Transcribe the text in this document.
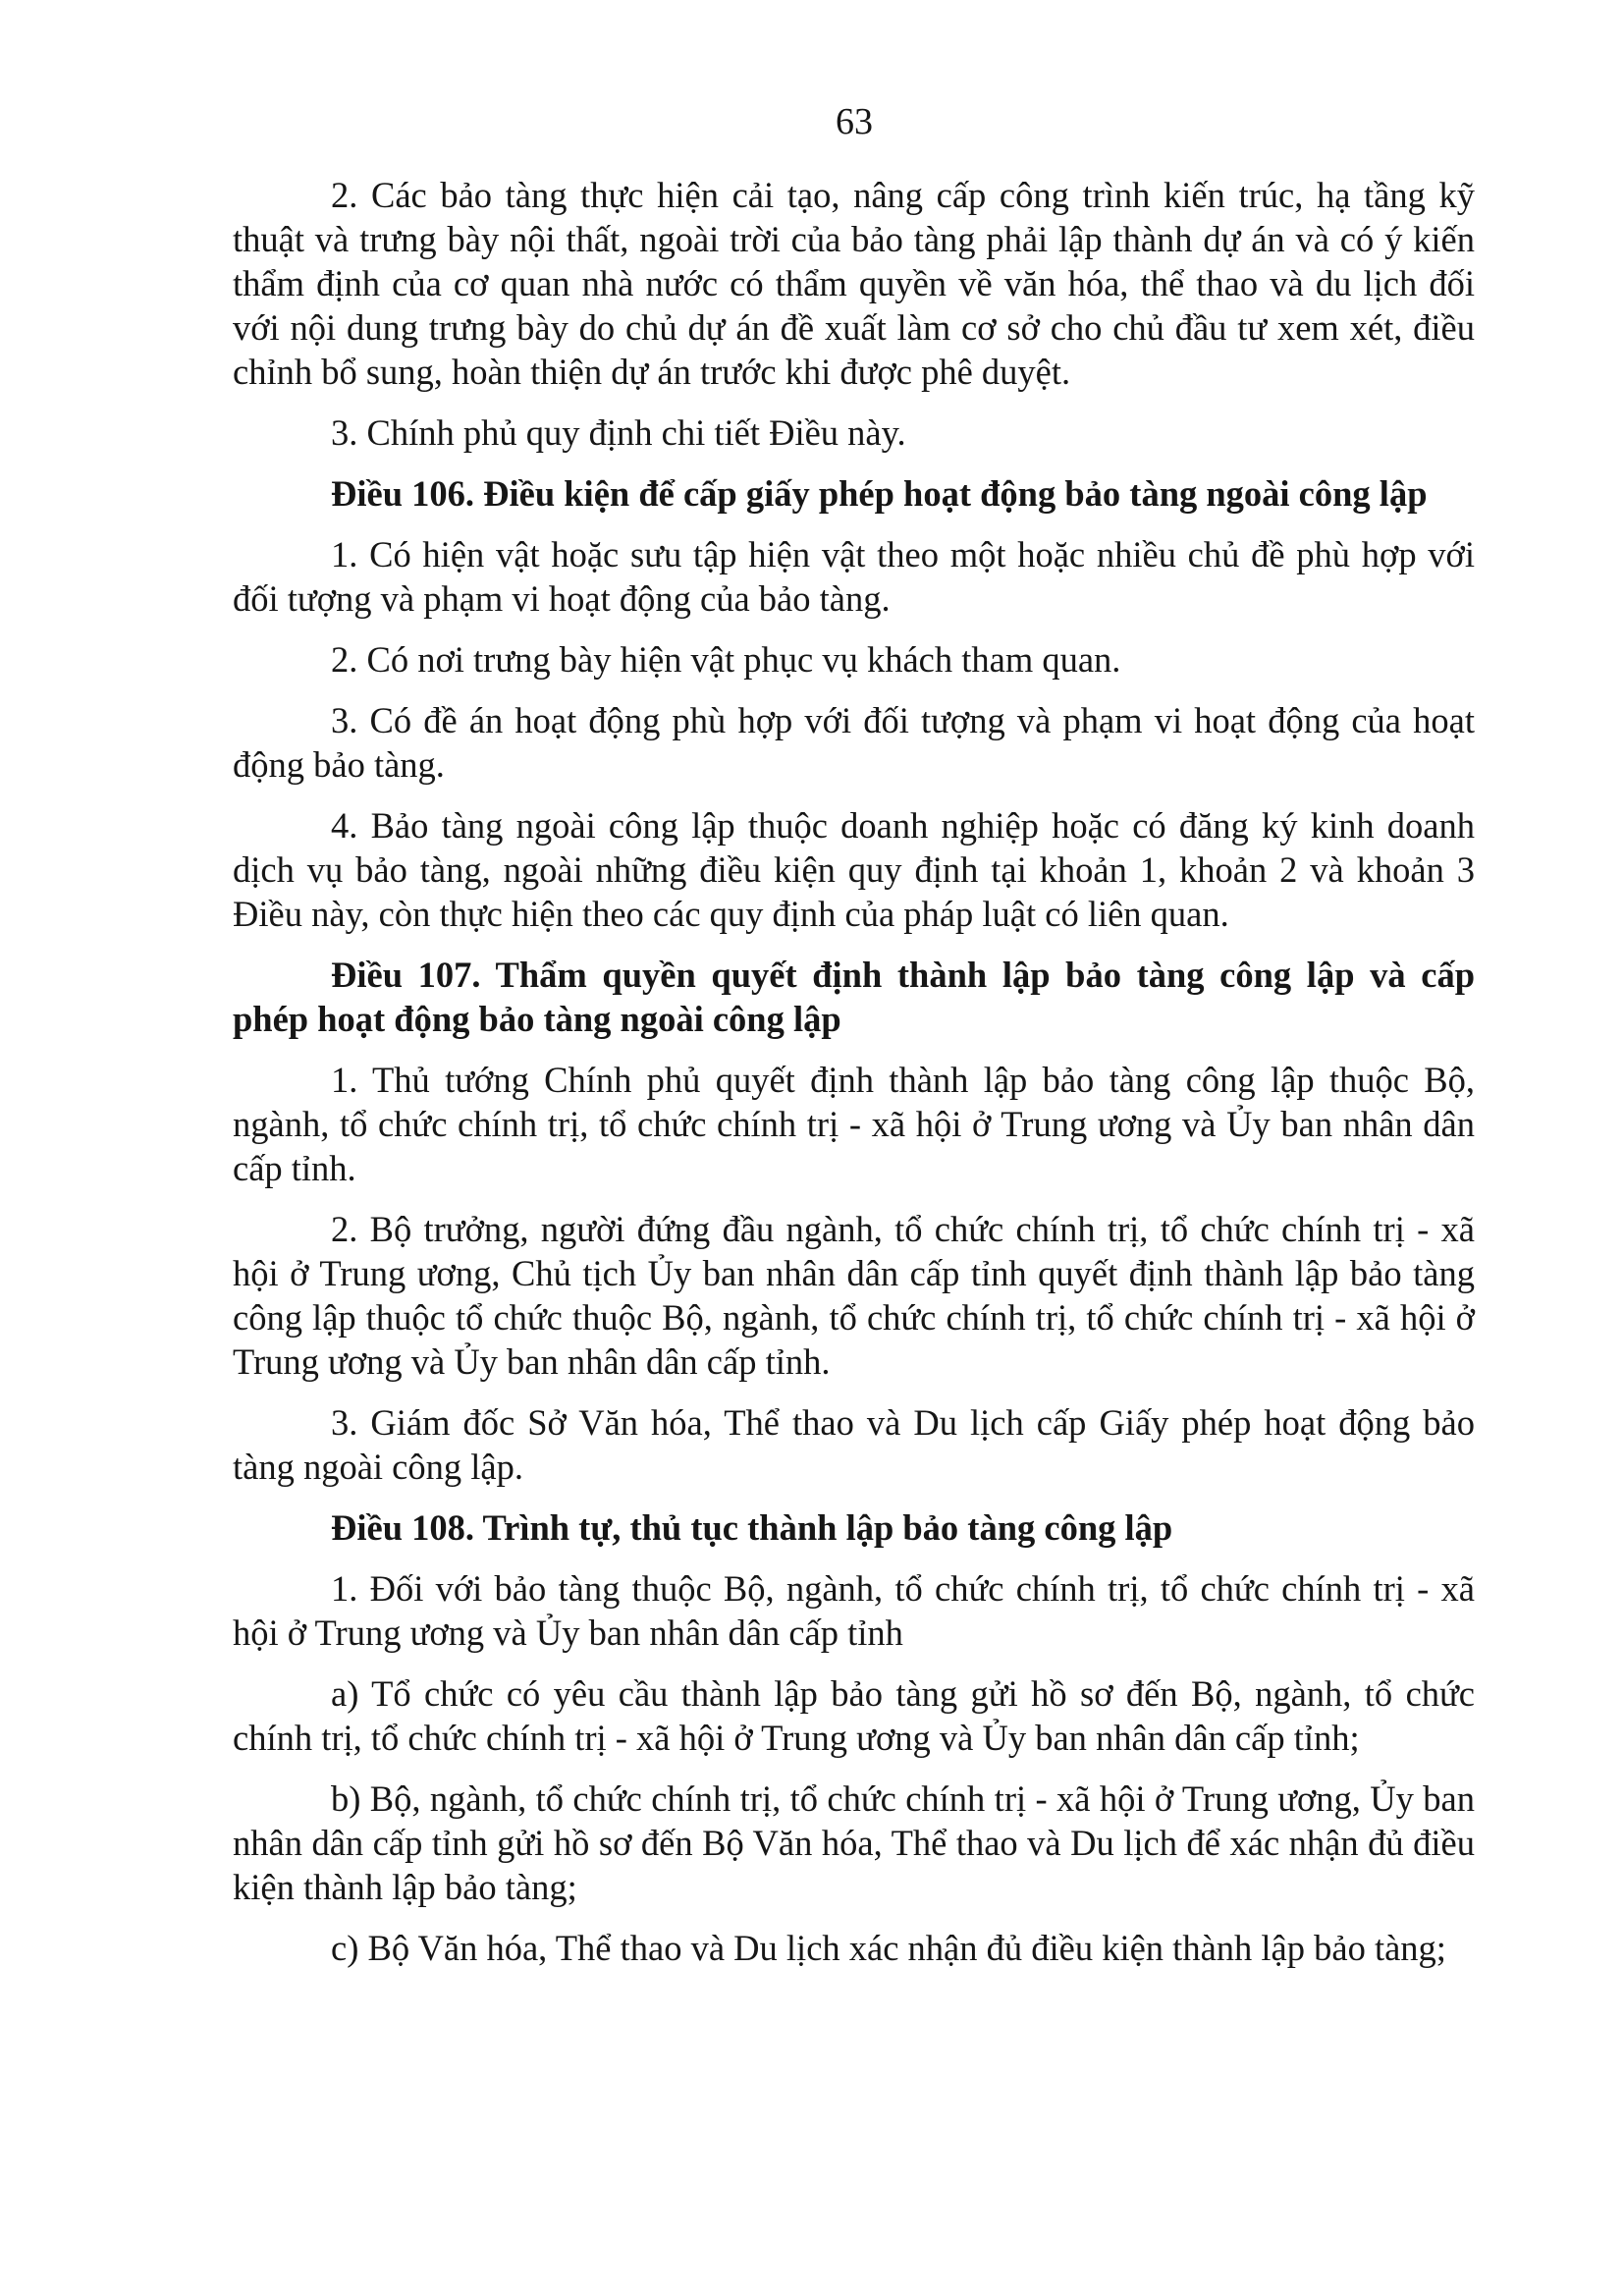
63

2. Các bảo tàng thực hiện cải tạo, nâng cấp công trình kiến trúc, hạ tầng kỹ thuật và trưng bày nội thất, ngoài trời của bảo tàng phải lập thành dự án và có ý kiến thẩm định của cơ quan nhà nước có thẩm quyền về văn hóa, thể thao và du lịch đối với nội dung trưng bày do chủ dự án đề xuất làm cơ sở cho chủ đầu tư xem xét, điều chỉnh bổ sung, hoàn thiện dự án trước khi được phê duyệt.

3. Chính phủ quy định chi tiết Điều này.

Điều 106. Điều kiện để cấp giấy phép hoạt động bảo tàng ngoài công lập

1. Có hiện vật hoặc sưu tập hiện vật theo một hoặc nhiều chủ đề phù hợp với đối tượng và phạm vi hoạt động của bảo tàng.

2. Có nơi trưng bày hiện vật phục vụ khách tham quan.

3. Có đề án hoạt động phù hợp với đối tượng và phạm vi hoạt động của hoạt động bảo tàng.

4. Bảo tàng ngoài công lập thuộc doanh nghiệp hoặc có đăng ký kinh doanh dịch vụ bảo tàng, ngoài những điều kiện quy định tại khoản 1, khoản 2 và khoản 3 Điều này, còn thực hiện theo các quy định của pháp luật có liên quan.

Điều 107. Thẩm quyền quyết định thành lập bảo tàng công lập và cấp phép hoạt động bảo tàng ngoài công lập

1. Thủ tướng Chính phủ quyết định thành lập bảo tàng công lập thuộc Bộ, ngành, tổ chức chính trị, tổ chức chính trị - xã hội ở Trung ương và Ủy ban nhân dân cấp tỉnh.

2. Bộ trưởng, người đứng đầu ngành, tổ chức chính trị, tổ chức chính trị - xã hội ở Trung ương, Chủ tịch Ủy ban nhân dân cấp tỉnh quyết định thành lập bảo tàng công lập thuộc tổ chức thuộc Bộ, ngành, tổ chức chính trị, tổ chức chính trị - xã hội ở Trung ương và Ủy ban nhân dân cấp tỉnh.

3. Giám đốc Sở Văn hóa, Thể thao và Du lịch cấp Giấy phép hoạt động bảo tàng ngoài công lập.

Điều 108. Trình tự, thủ tục thành lập bảo tàng công lập

1. Đối với bảo tàng thuộc Bộ, ngành, tổ chức chính trị, tổ chức chính trị - xã hội ở Trung ương và Ủy ban nhân dân cấp tỉnh

a) Tổ chức có yêu cầu thành lập bảo tàng gửi hồ sơ đến Bộ, ngành, tổ chức chính trị, tổ chức chính trị - xã hội ở Trung ương và Ủy ban nhân dân cấp tỉnh;

b) Bộ, ngành, tổ chức chính trị, tổ chức chính trị - xã hội ở Trung ương, Ủy ban nhân dân cấp tỉnh gửi hồ sơ đến Bộ Văn hóa, Thể thao và Du lịch để xác nhận đủ điều kiện thành lập bảo tàng;

c) Bộ Văn hóa, Thể thao và Du lịch xác nhận đủ điều kiện thành lập bảo tàng;
